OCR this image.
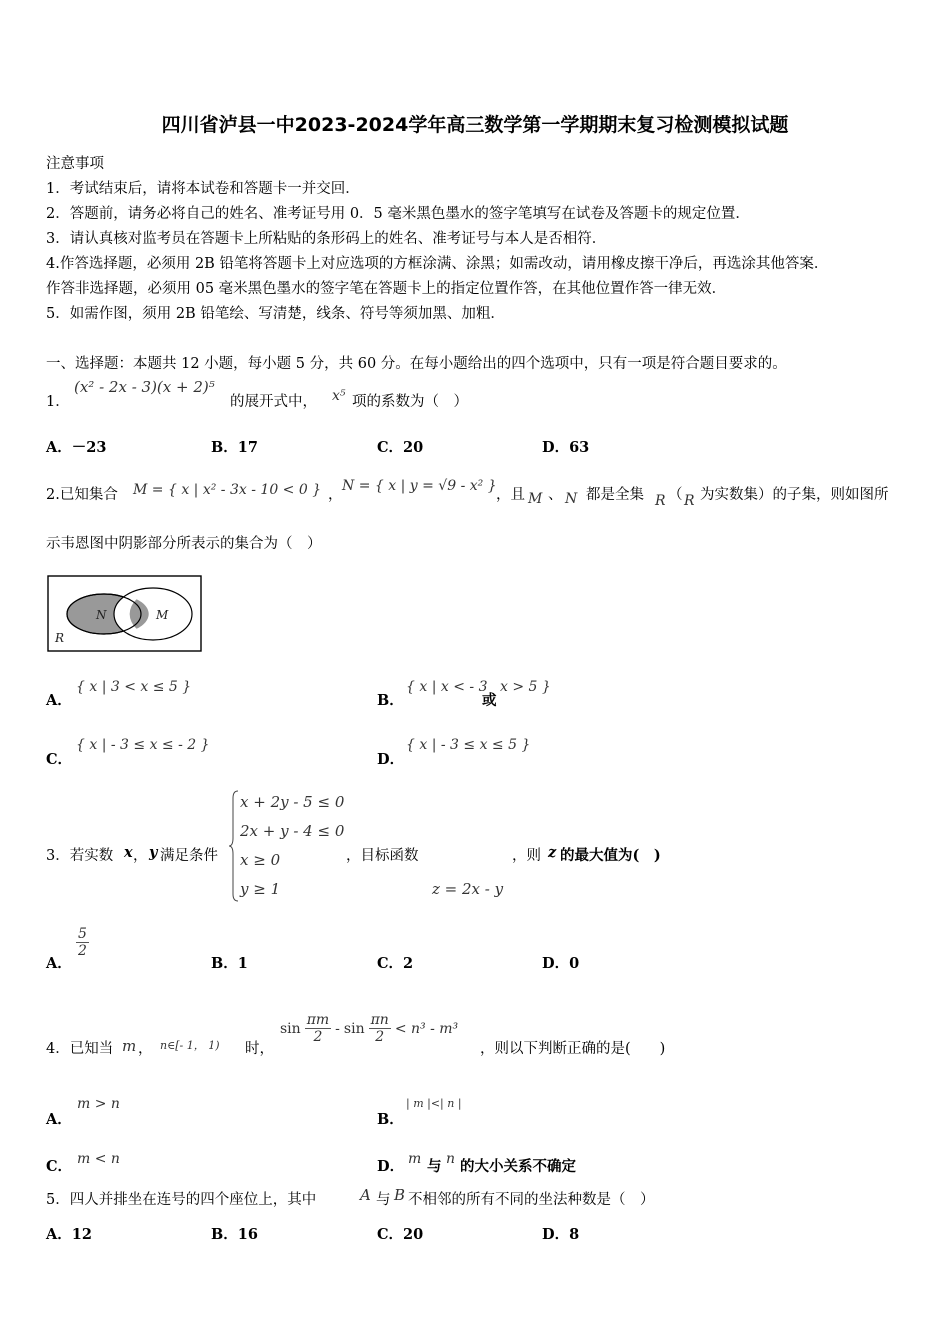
四川省泸县一中2023-2024学年高三数学第一学期期末复习检测模拟试题
注意事项
1．考试结束后，请将本试卷和答题卡一并交回．
2．答题前，请务必将自己的姓名、准考证号用 0．5 毫米黑色墨水的签字笔填写在试卷及答题卡的规定位置．
3．请认真核对监考员在答题卡上所粘贴的条形码上的姓名、准考证号与本人是否相符．
4.作答选择题，必须用 2B 铅笔将答题卡上对应选项的方框涂满、涂黑；如需改动，请用橡皮擦干净后，再选涂其他答案．
作答非选择题，必须用 05 毫米黑色墨水的签字笔在答题卡上的指定位置作答，在其他位置作答一律无效．
5．如需作图，须用 2B 铅笔绘、写清楚，线条、符号等须加黑、加粗．
一、选择题：本题共 12 小题，每小题 5 分，共 60 分。在每小题给出的四个选项中，只有一项是符合题目要求的。
1．
(x² - 2x - 3)(x + 2)⁵
的展开式中， x⁵ 项的系数为（　）
A．－23	B．17	C．20	D．63
2.已知集合 M = { x | x² - 3x - 10 < 0 } ，
N = { x | y = √9 - x² }
，且 M 、 N 都是全集 R （ R 为实数集）的子集，则如图所
示韦恩图中阴影部分所表示的集合为（　）
N	M
R
A．
{ x | 3 < x ≤ 5 }
B．
{ x | x < - 3
或
x > 5 }
C．
{ x | - 3 ≤ x ≤ - 2 }
D．
{ x | - 3 ≤ x ≤ 5 }
3．若实数 x ， y 满足条件
x + 2y - 5 ≤ 0
2x + y - 4 ≤ 0
x ≥ 0
y ≥ 1
，目标函数
z = 2x - y
，则 z 的最大值为(　)
A．
$\frac{5}{2}$
B．1	C．2	D．0
4．已知当 m ， n∈[- 1， 1) 时，
$\sin \frac{\pi m}{2} - \sin \frac{\pi n}{2} < n^3 - m^3$
，则以下判断正确的是(　　)
A．
m > n
B．
| m |<| n |
C． m < n	D． m 与 n 的大小关系不确定
5．四人并排坐在连号的四个座位上，其中	A 与 B 不相邻的所有不同的坐法种数是（　）
A．12	B．16	C．20	D．8
